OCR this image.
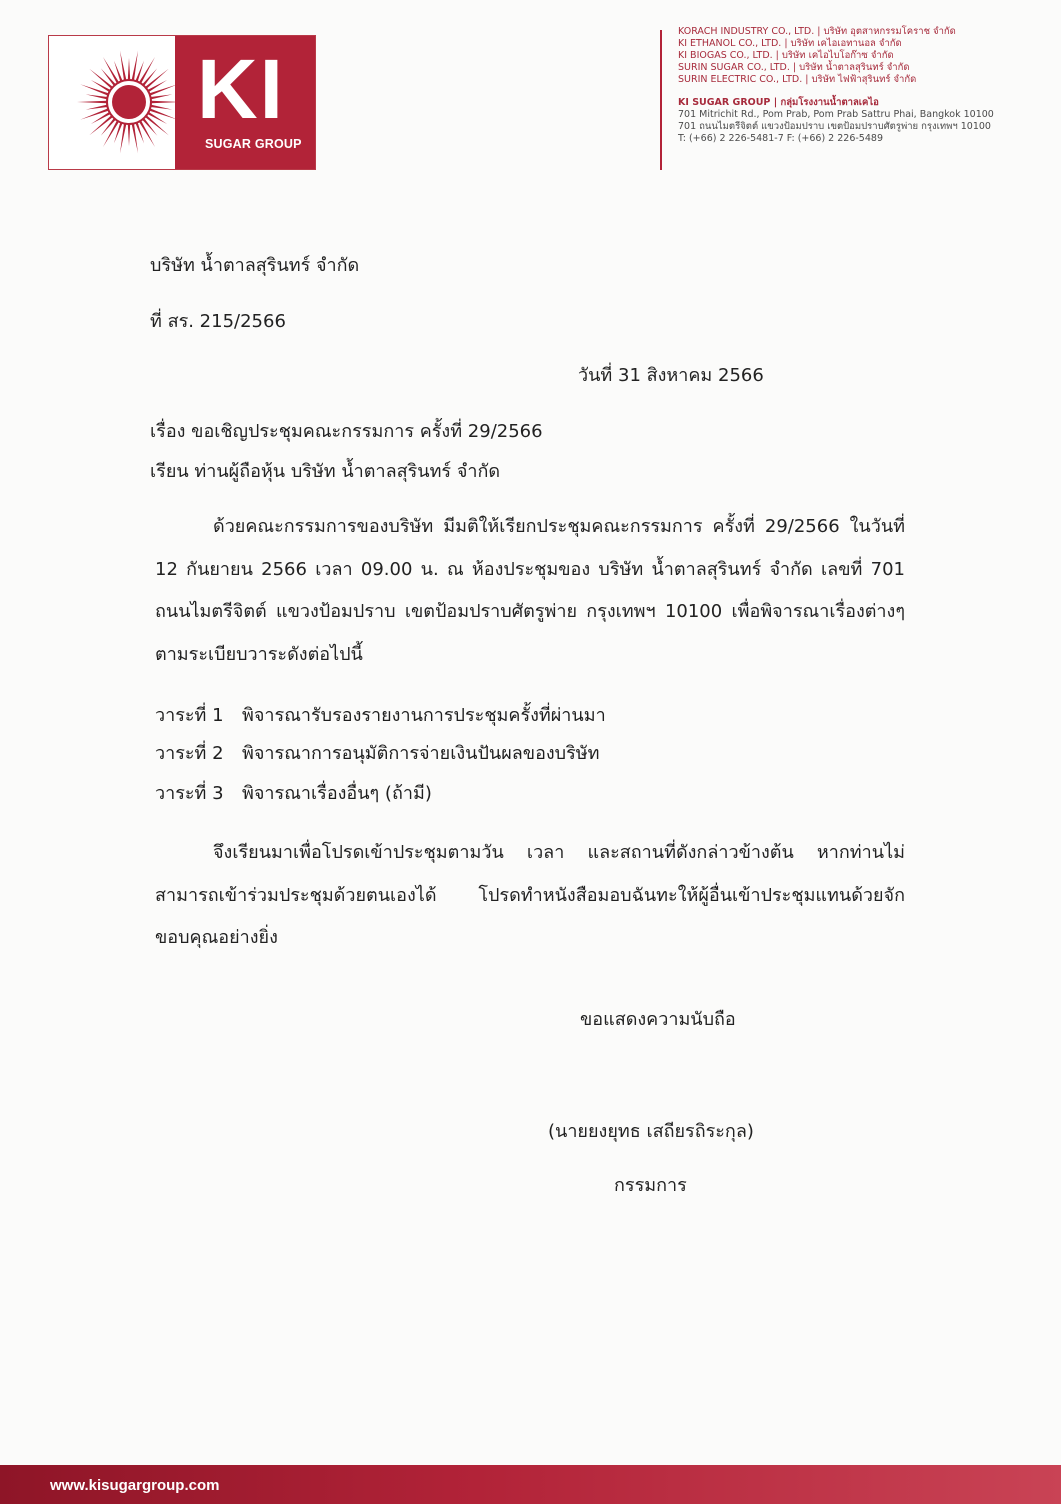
KI
SUGAR GROUP
KORACH INDUSTRY CO., LTD. | บริษัท อุตสาหกรรมโคราช จำกัด
KI ETHANOL CO., LTD. | บริษัท เคไอเอทานอล จำกัด
KI BIOGAS CO., LTD. | บริษัท เคไอไบโอก๊าซ จำกัด
SURIN SUGAR CO., LTD. | บริษัท น้ำตาลสุรินทร์ จำกัด
SURIN ELECTRIC CO., LTD. | บริษัท ไฟฟ้าสุรินทร์ จำกัด
KI SUGAR GROUP | กลุ่มโรงงานน้ำตาลเคไอ
701 Mitrichit Rd., Pom Prab, Pom Prab Sattru Phai, Bangkok 10100
701 ถนนไมตรีจิตต์ แขวงป้อมปราบ เขตป้อมปราบศัตรูพ่าย กรุงเทพฯ 10100
T: (+66) 2 226-5481-7 F: (+66) 2 226-5489
บริษัท น้ำตาลสุรินทร์ จำกัด
ที่ สร. 215/2566
วันที่ 31 สิงหาคม 2566
เรื่อง ขอเชิญประชุมคณะกรรมการ ครั้งที่ 29/2566
เรียน ท่านผู้ถือหุ้น บริษัท น้ำตาลสุรินทร์ จำกัด
ด้วยคณะกรรมการของบริษัท มีมติให้เรียกประชุมคณะกรรมการ ครั้งที่ 29/2566 ในวันที่ 12 กันยายน 2566 เวลา 09.00 น. ณ ห้องประชุมของ บริษัท น้ำตาลสุรินทร์ จำกัด เลขที่ 701 ถนนไมตรีจิตต์ แขวงป้อมปราบ เขตป้อมปราบศัตรูพ่าย กรุงเทพฯ 10100 เพื่อพิจารณาเรื่องต่างๆ ตามระเบียบวาระดังต่อไปนี้
วาระที่ 1 พิจารณารับรองรายงานการประชุมครั้งที่ผ่านมา
วาระที่ 2 พิจารณาการอนุมัติการจ่ายเงินปันผลของบริษัท
วาระที่ 3 พิจารณาเรื่องอื่นๆ (ถ้ามี)
จึงเรียนมาเพื่อโปรดเข้าประชุมตามวัน เวลา และสถานที่ดังกล่าวข้างต้น หากท่านไม่สามารถเข้าร่วมประชุมด้วยตนเองได้ โปรดทำหนังสือมอบฉันทะให้ผู้อื่นเข้าประชุมแทนด้วยจักขอบคุณอย่างยิ่ง
ขอแสดงความนับถือ
(นายยงยุทธ เสถียรถิระกุล)
กรรมการ
www.kisugargroup.com
